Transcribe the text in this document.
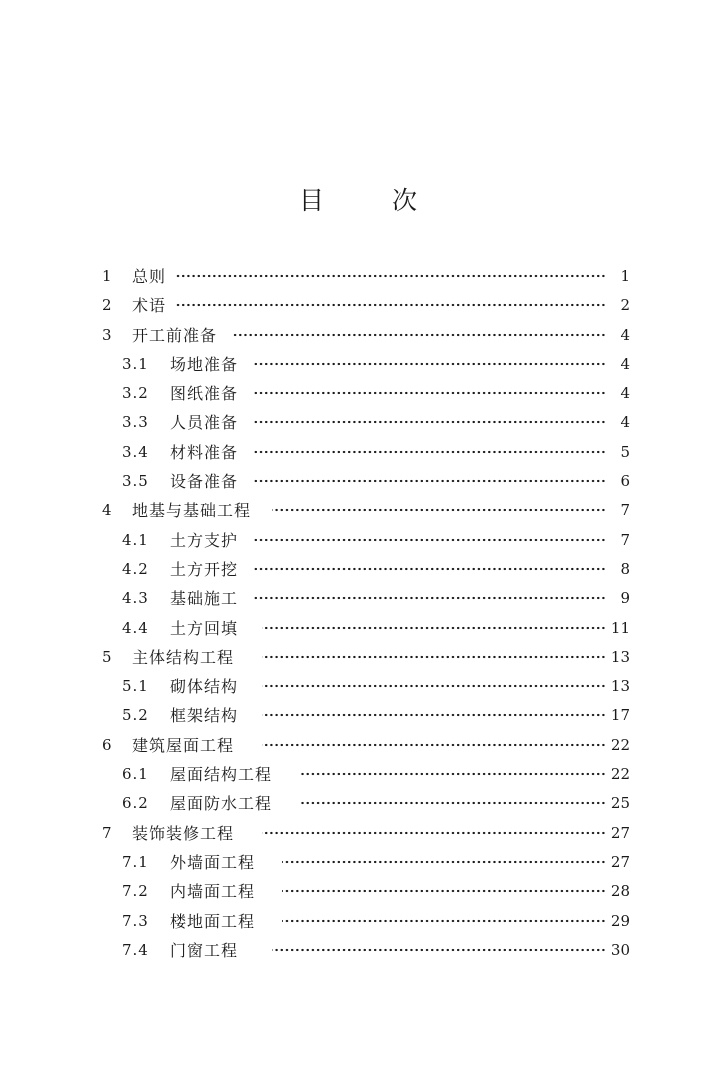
目 次
1 总则	1
2 术语	2
3 开工前准备	4
3.1 场地准备	4
3.2 图纸准备	4
3.3 人员准备	4
3.4 材料准备	5
3.5 设备准备	6
4 地基与基础工程	7
4.1 土方支护	7
4.2 土方开挖	8
4.3 基础施工	9
4.4 土方回填	11
5 主体结构工程	13
5.1 砌体结构	13
5.2 框架结构	17
6 建筑屋面工程	22
6.1 屋面结构工程	22
6.2 屋面防水工程	25
7 装饰装修工程	27
7.1 外墙面工程	27
7.2 内墙面工程	28
7.3 楼地面工程	29
7.4 门窗工程	30
